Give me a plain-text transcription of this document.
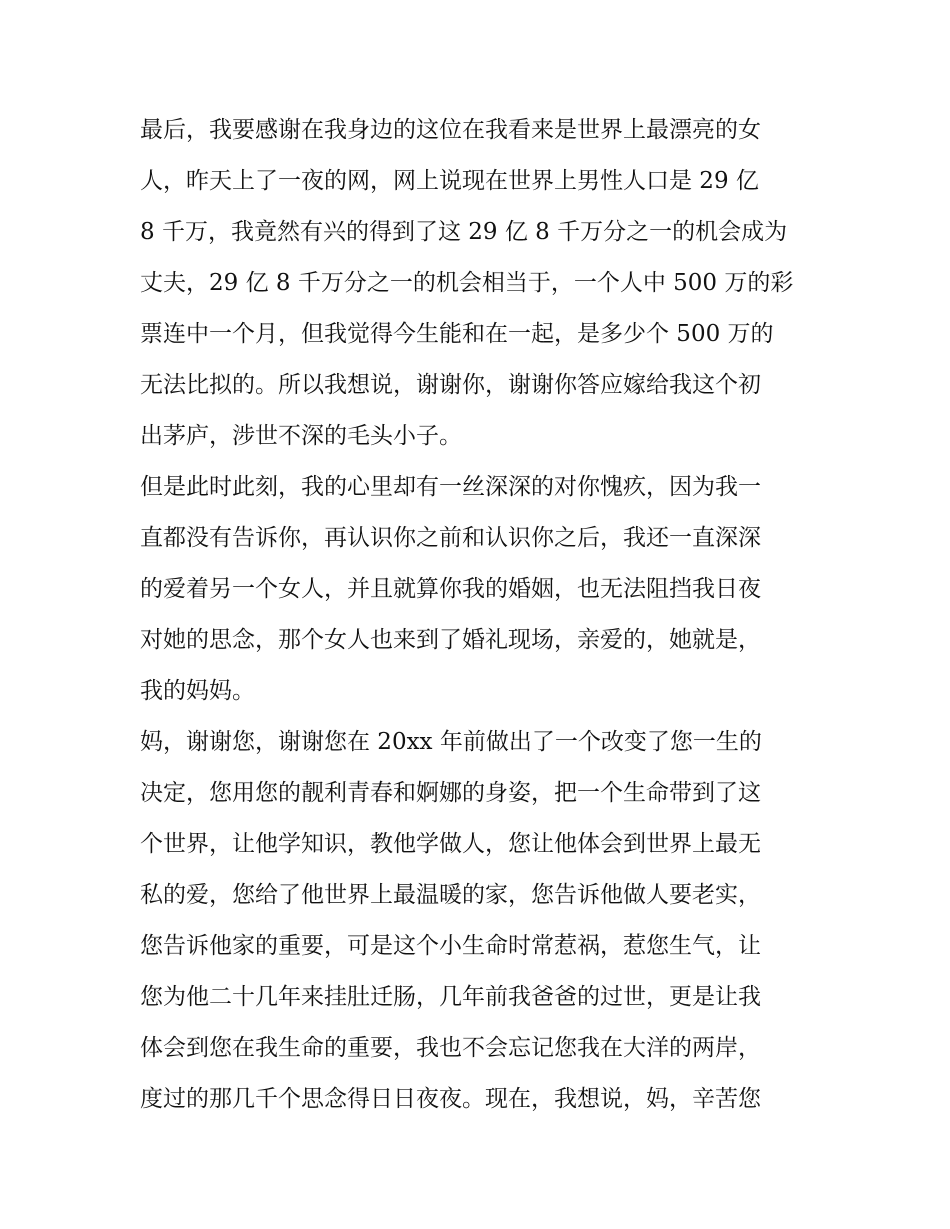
最后，我要感谢在我身边的这位在我看来是世界上最漂亮的女
人，昨天上了一夜的网，网上说现在世界上男性人口是 29 亿
8 千万，我竟然有兴的得到了这 29 亿 8 千万分之一的机会成为
丈夫，29 亿 8 千万分之一的机会相当于，一个人中 500 万的彩
票连中一个月，但我觉得今生能和在一起，是多少个 500 万的
无法比拟的。所以我想说，谢谢你，谢谢你答应嫁给我这个初
出茅庐，涉世不深的毛头小子。
但是此时此刻，我的心里却有一丝深深的对你愧疚，因为我一
直都没有告诉你，再认识你之前和认识你之后，我还一直深深
的爱着另一个女人，并且就算你我的婚姻，也无法阻挡我日夜
对她的思念，那个女人也来到了婚礼现场，亲爱的，她就是，
我的妈妈。
妈，谢谢您，谢谢您在 20xx 年前做出了一个改变了您一生的
决定，您用您的靓利青春和婀娜的身姿，把一个生命带到了这
个世界，让他学知识，教他学做人，您让他体会到世界上最无
私的爱，您给了他世界上最温暖的家，您告诉他做人要老实，
您告诉他家的重要，可是这个小生命时常惹祸，惹您生气，让
您为他二十几年来挂肚迁肠，几年前我爸爸的过世，更是让我
体会到您在我生命的重要，我也不会忘记您我在大洋的两岸，
度过的那几千个思念得日日夜夜。现在，我想说，妈，辛苦您
